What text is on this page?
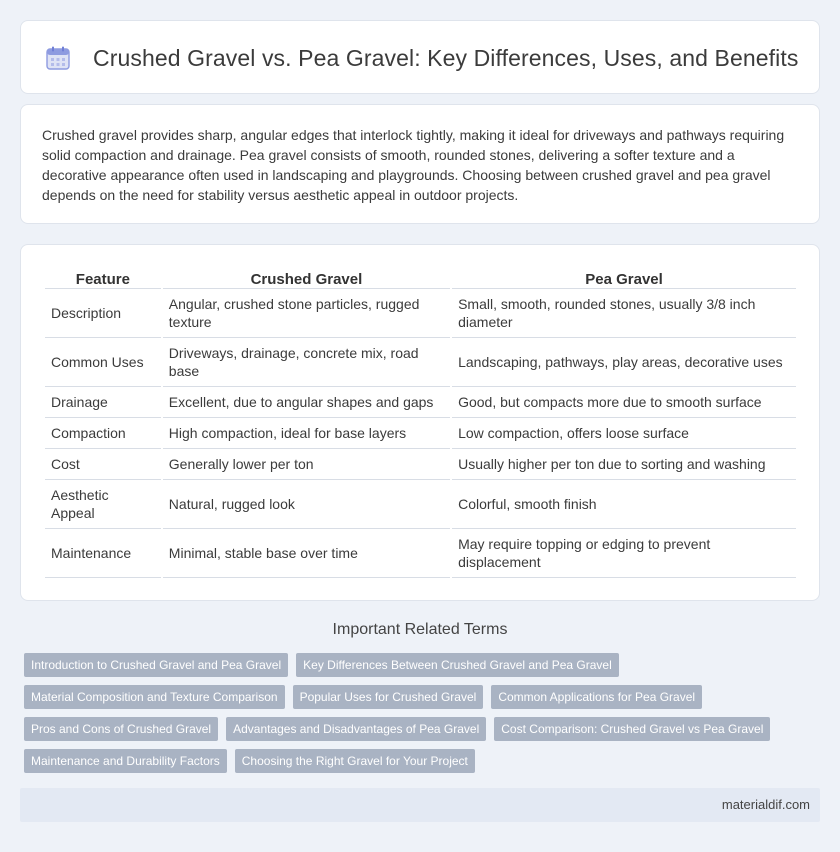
Crushed Gravel vs. Pea Gravel: Key Differences, Uses, and Benefits

Crushed gravel provides sharp, angular edges that interlock tightly, making it ideal for driveways and pathways requiring solid compaction and drainage. Pea gravel consists of smooth, rounded stones, delivering a softer texture and a decorative appearance often used in landscaping and playgrounds. Choosing between crushed gravel and pea gravel depends on the need for stability versus aesthetic appeal in outdoor projects.

Feature	Crushed Gravel	Pea Gravel
Description	Angular, crushed stone particles, rugged texture	Small, smooth, rounded stones, usually 3/8 inch diameter
Common Uses	Driveways, drainage, concrete mix, road base	Landscaping, pathways, play areas, decorative uses
Drainage	Excellent, due to angular shapes and gaps	Good, but compacts more due to smooth surface
Compaction	High compaction, ideal for base layers	Low compaction, offers loose surface
Cost	Generally lower per ton	Usually higher per ton due to sorting and washing
Aesthetic Appeal	Natural, rugged look	Colorful, smooth finish
Maintenance	Minimal, stable base over time	May require topping or edging to prevent displacement
Important Related Terms
Introduction to Crushed Gravel and Pea Gravel	Key Differences Between Crushed Gravel and Pea Gravel
Material Composition and Texture Comparison	Popular Uses for Crushed Gravel	Common Applications for Pea Gravel
Pros and Cons of Crushed Gravel	Advantages and Disadvantages of Pea Gravel	Cost Comparison: Crushed Gravel vs Pea Gravel
Maintenance and Durability Factors	Choosing the Right Gravel for Your Project
materialdif.com
